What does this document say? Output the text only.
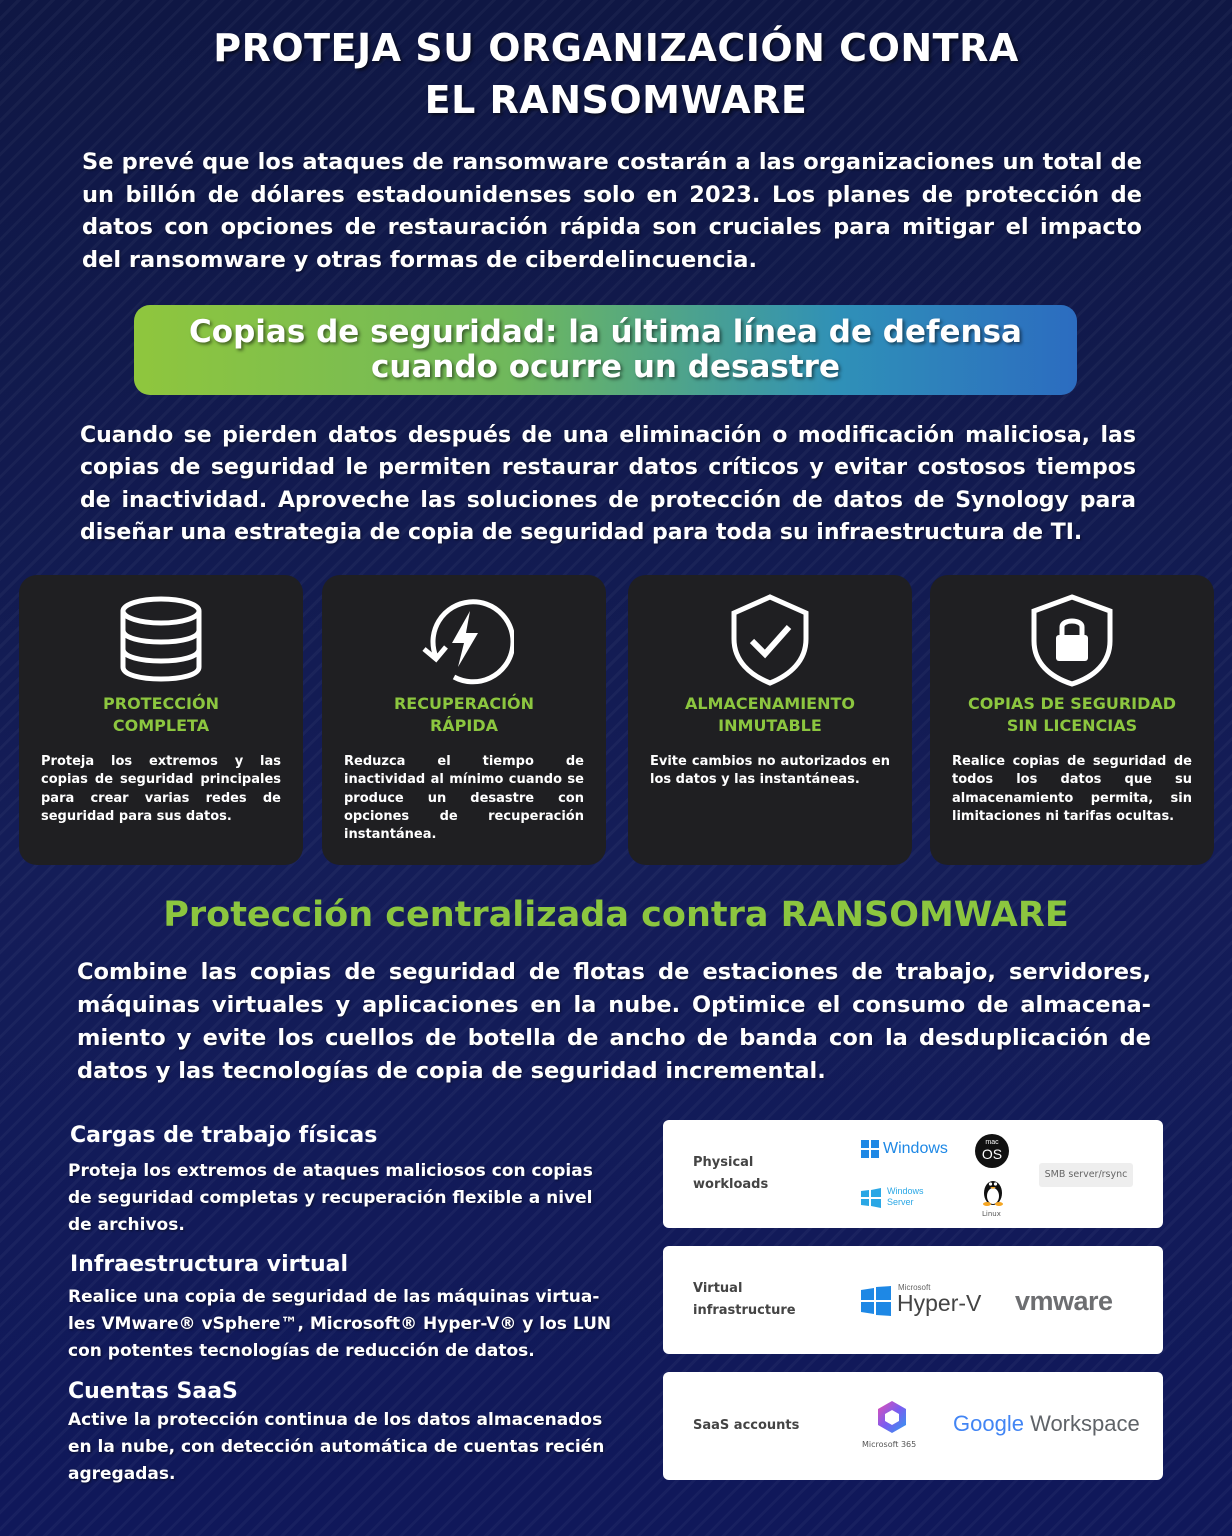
PROTEJA SU ORGANIZACIÓN CONTRA
EL RANSOMWARE

Se prevé que los ataques de ransomware costarán a las organizaciones un total de un billón de dólares estadounidenses solo en 2023. Los planes de protección de datos con opciones de restauración rápida son cruciales para mitigar el impacto del ransomware y otras formas de ciberdelincuencia.

Copias de seguridad: la última línea de defensa
cuando ocurre un desastre

Cuando se pierden datos después de una eliminación o modificación maliciosa, las copias de seguridad le permiten restaurar datos críticos y evitar costosos tiempos de inactividad. Aproveche las soluciones de protección de datos de Synology para diseñar una estrategia de copia de seguridad para toda su infraestructura de TI.

PROTECCIÓN
COMPLETA

Proteja los extremos y las copias de seguridad principales para crear varias redes de seguridad para sus datos.

RECUPERACIÓN
RÁPIDA

Reduzca el tiempo de inactividad al mínimo cuando se produce un desastre con opciones de recuperación instantánea.

ALMACENAMIENTO
INMUTABLE

Evite cambios no autorizados en los datos y las instantáneas.

COPIAS DE SEGURIDAD
SIN LICENCIAS

Realice copias de seguridad de todos los datos que su almacenamiento permita, sin limitaciones ni tarifas ocultas.

Protección centralizada contra RANSOMWARE

Combine las copias de seguridad de flotas de estaciones de trabajo, servidores, máquinas virtuales y aplicaciones en la nube. Optimice el consumo de almacenamiento y evite los cuellos de botella de ancho de banda con la desduplicación de datos y las tecnologías de copia de seguridad incremental.

Cargas de trabajo físicas

Proteja los extremos de ataques maliciosos con copias de seguridad completas y recuperación flexible a nivel de archivos.

Infraestructura virtual

Realice una copia de seguridad de las máquinas virtuales VMware® vSphere™, Microsoft® Hyper-V® y los LUN con potentes tecnologías de reducción de datos.

Cuentas SaaS

Active la protección continua de los datos almacenados en la nube, con detección automática de cuentas recién agregadas.

Physical
workloads
Windows
Windows
Server
mac
OS
Linux
SMB server/rsync
Virtual
infrastructure
Microsoft
Hyper-V vmware
SaaS accounts
Microsoft 365
Google Workspace
